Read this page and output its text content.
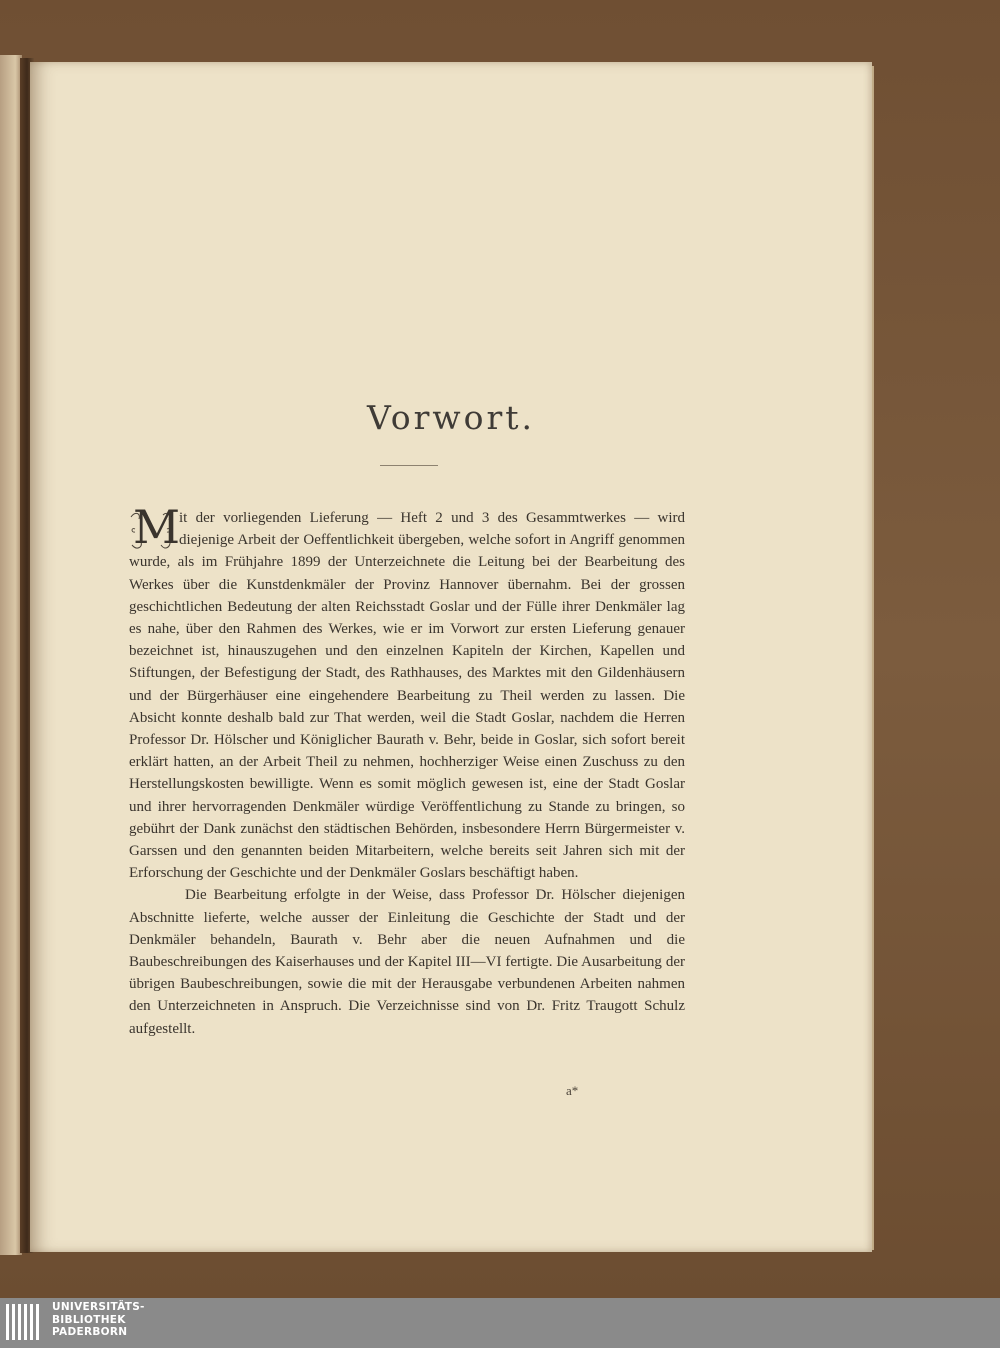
Vorwort.
M

it der vorliegenden Lieferung — Heft 2 und 3 des Gesammtwerkes — wird diejenige Arbeit der Oeffentlichkeit übergeben, welche sofort in Angriff genommen wurde, als im Frühjahre 1899 der Unterzeichnete die Leitung bei der Bearbeitung des Werkes über die Kunstdenkmäler der Provinz Hannover übernahm. Bei der grossen geschichtlichen Bedeutung der alten Reichsstadt Goslar und der Fülle ihrer Denkmäler lag es nahe, über den Rahmen des Werkes, wie er im Vorwort zur ersten Lieferung genauer bezeichnet ist, hinauszugehen und den einzelnen Kapiteln der Kirchen, Kapellen und Stiftungen, der Befestigung der Stadt, des Rathhauses, des Marktes mit den Gildenhäusern und der Bürgerhäuser eine eingehendere Bearbeitung zu Theil werden zu lassen. Die Absicht konnte deshalb bald zur That werden, weil die Stadt Goslar, nachdem die Herren Professor Dr. Hölscher und Königlicher Baurath v. Behr, beide in Goslar, sich sofort bereit erklärt hatten, an der Arbeit Theil zu nehmen, hochherziger Weise einen Zuschuss zu den Herstellungskosten bewilligte. Wenn es somit möglich gewesen ist, eine der Stadt Goslar und ihrer hervorragenden Denkmäler würdige Veröffentlichung zu Stande zu bringen, so gebührt der Dank zunächst den städtischen Behörden, insbesondere Herrn Bürgermeister v. Garssen und den genannten beiden Mitarbeitern, welche bereits seit Jahren sich mit der Erforschung der Geschichte und der Denkmäler Goslars beschäftigt haben.

Die Bearbeitung erfolgte in der Weise, dass Professor Dr. Hölscher diejenigen Abschnitte lieferte, welche ausser der Einleitung die Geschichte der Stadt und der Denkmäler behandeln, Baurath v. Behr aber die neuen Aufnahmen und die Baubeschreibungen des Kaiserhauses und der Kapitel III—VI fertigte. Die Ausarbeitung der übrigen Baubeschreibungen, sowie die mit der Herausgabe verbundenen Arbeiten nahmen den Unterzeichneten in Anspruch. Die Verzeichnisse sind von Dr. Fritz Traugott Schulz aufgestellt.

a*
UNIVERSITÄTS-
BIBLIOTHEK
PADERBORN
